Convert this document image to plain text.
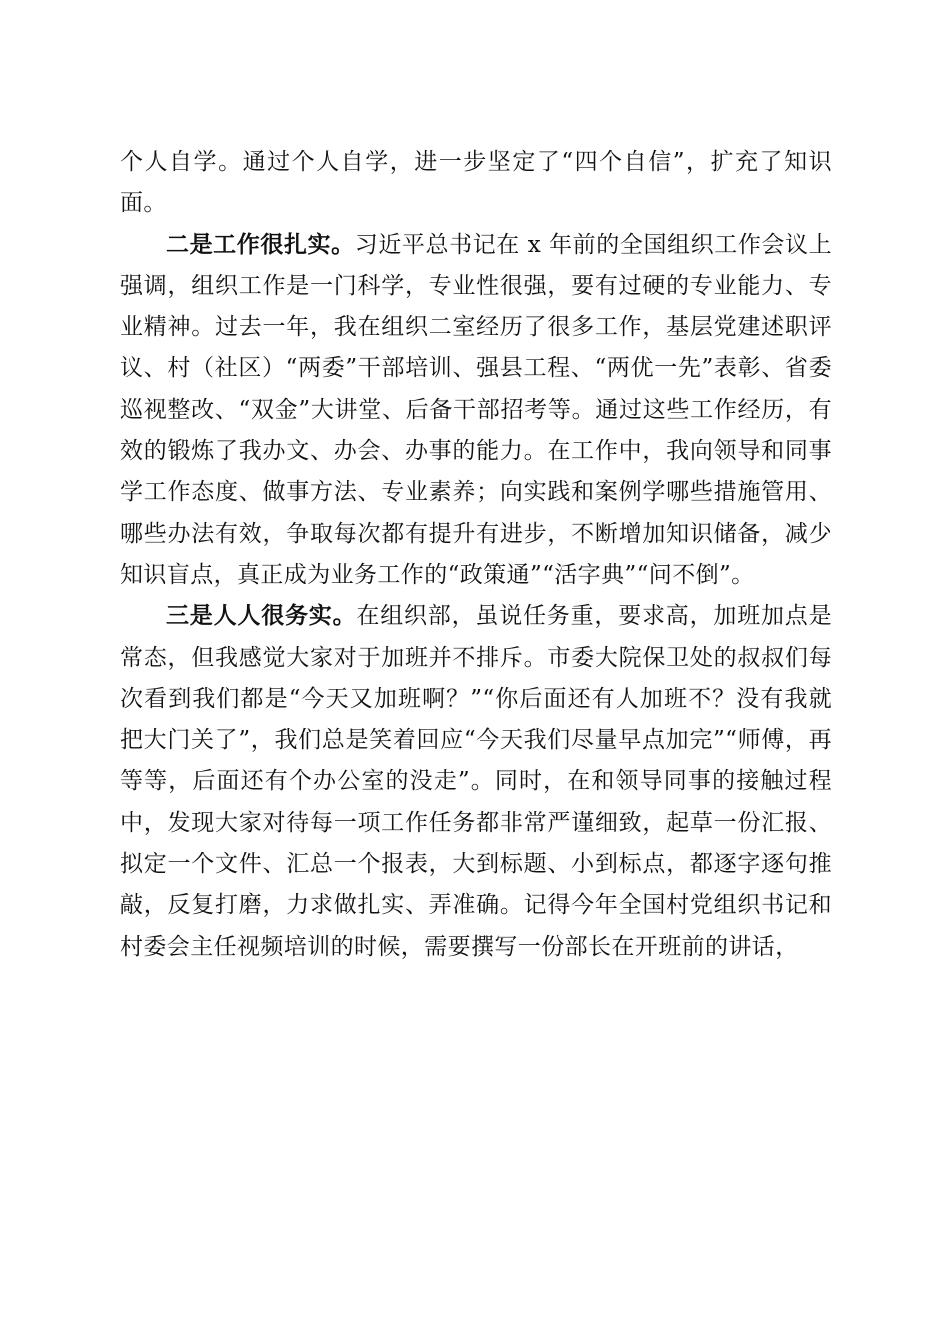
个人自学。通过个人自学，进一步坚定了“四个自信”，扩充了知识面。

二是工作很扎实。习近平总书记在 x 年前的全国组织工作会议上强调，组织工作是一门科学，专业性很强，要有过硬的专业能力、专业精神。过去一年，我在组织二室经历了很多工作，基层党建述职评议、村（社区）“两委”干部培训、强县工程、“两优一先”表彰、省委巡视整改、“双金”大讲堂、后备干部招考等。通过这些工作经历，有效的锻炼了我办文、办会、办事的能力。在工作中，我向领导和同事学工作态度、做事方法、专业素养；向实践和案例学哪些措施管用、哪些办法有效，争取每次都有提升有进步，不断增加知识储备，减少知识盲点，真正成为业务工作的“政策通”“活字典”“问不倒”。

三是人人很务实。在组织部，虽说任务重，要求高，加班加点是常态，但我感觉大家对于加班并不排斥。市委大院保卫处的叔叔们每次看到我们都是“今天又加班啊？”“你后面还有人加班不？没有我就把大门关了”，我们总是笑着回应“今天我们尽量早点加完”“师傅，再等等，后面还有个办公室的没走”。同时，在和领导同事的接触过程中，发现大家对待每一项工作任务都非常严谨细致，起草一份汇报、拟定一个文件、汇总一个报表，大到标题、小到标点，都逐字逐句推敲，反复打磨，力求做扎实、弄准确。记得今年全国村党组织书记和村委会主任视频培训的时候，需要撰写一份部长在开班前的讲话，
